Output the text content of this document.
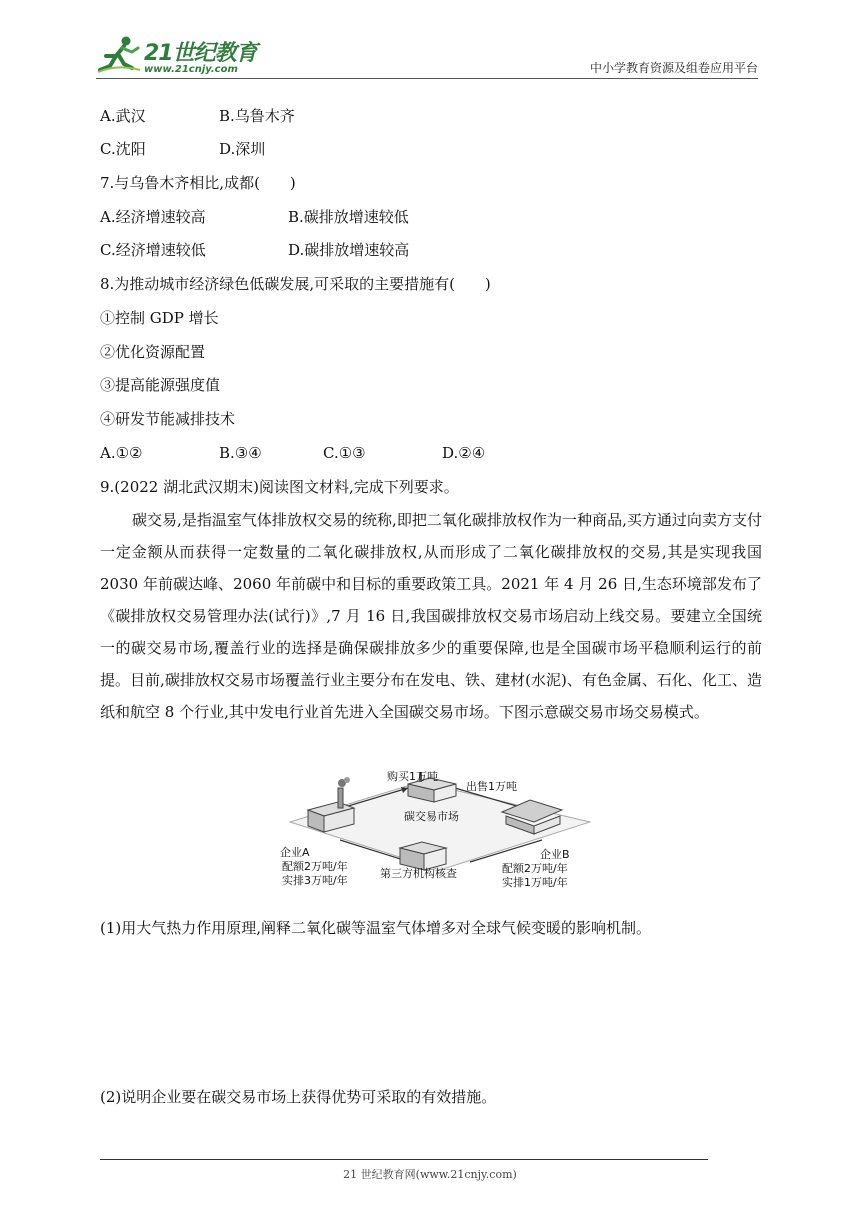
21世纪教育
www.21cnjy.com	中小学教育资源及组卷应用平台
A.武汉	B.乌鲁木齐
C.沈阳	D.深圳
7.与乌鲁木齐相比,成都(　　)
A.经济增速较高	B.碳排放增速较低
C.经济增速较低	D.碳排放增速较高
8.为推动城市经济绿色低碳发展,可采取的主要措施有(　　)
①控制 GDP 增长
②优化资源配置
③提高能源强度值
④研发节能减排技术
A.①②	B.③④	C.①③	D.②④
9.(2022 湖北武汉期末)阅读图文材料,完成下列要求。

碳交易,是指温室气体排放权交易的统称,即把二氧化碳排放权作为一种商品,买方通过向卖方支付一定金额从而获得一定数量的二氧化碳排放权,从而形成了二氧化碳排放权的交易,其是实现我国 2030 年前碳达峰、2060 年前碳中和目标的重要政策工具。2021 年 4 月 26 日,生态环境部发布了《碳排放权交易管理办法(试行)》,7 月 16 日,我国碳排放权交易市场启动上线交易。要建立全国统一的碳交易市场,覆盖行业的选择是确保碳排放多少的重要保障,也是全国碳市场平稳顺利运行的前提。目前,碳排放权交易市场覆盖行业主要分布在发电、铁、建材(水泥)、有色金属、石化、化工、造纸和航空 8 个行业,其中发电行业首先进入全国碳交易市场。下图示意碳交易市场交易模式。

购买1万吨
出售1万吨
碳交易市场
企业A
配额2万吨/年
实排3万吨/年
企业B
配额2万吨/年
实排1万吨/年
第三方机构核查
(1)用大气热力作用原理,阐释二氧化碳等温室气体增多对全球气候变暖的影响机制。
(2)说明企业要在碳交易市场上获得优势可采取的有效措施。
21 世纪教育网(www.21cnjy.com)
